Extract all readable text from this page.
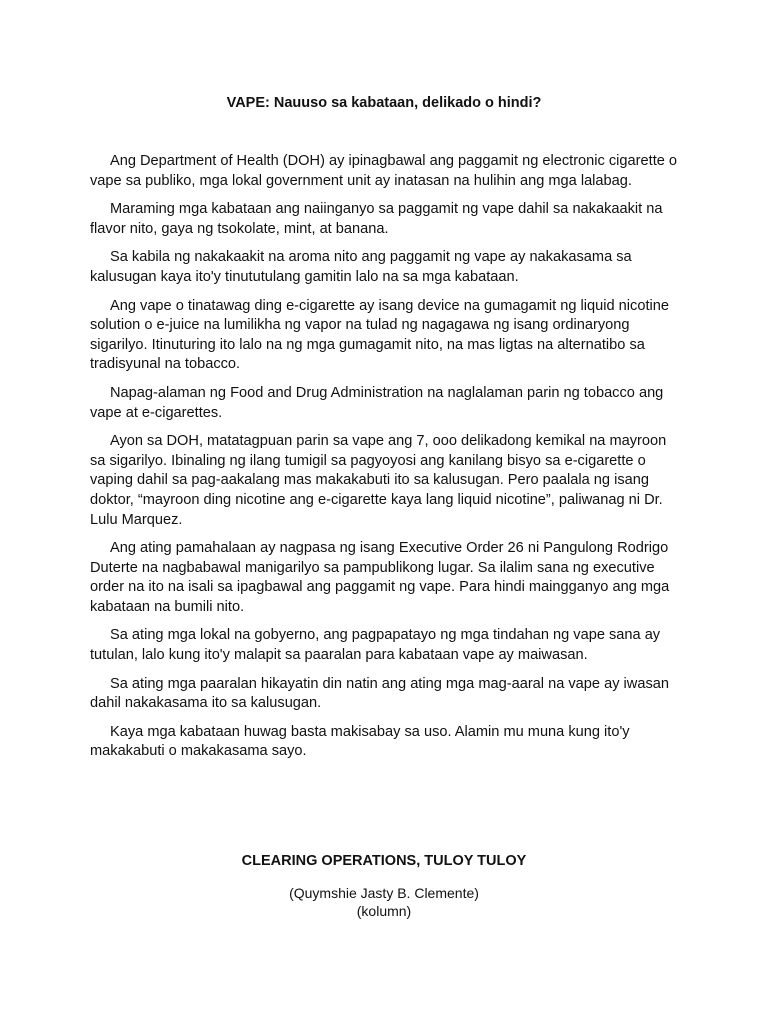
VAPE: Nauuso sa kabataan, delikado o hindi?

Ang Department of Health (DOH) ay ipinagbawal ang paggamit ng electronic cigarette o vape sa publiko, mga lokal government unit ay inatasan na hulihin ang mga lalabag.

Maraming mga kabataan ang naiinganyo sa paggamit ng vape dahil sa nakakaakit na flavor nito, gaya ng tsokolate, mint, at banana.

Sa kabila ng nakakaakit na aroma nito ang paggamit ng vape ay nakakasama sa kalusugan kaya ito'y tinututulang gamitin lalo na sa mga kabataan.

Ang vape o tinatawag ding e-cigarette ay isang device na gumagamit ng liquid nicotine solution o e-juice na lumilikha ng vapor na tulad ng nagagawa ng isang ordinaryong sigarilyo. Itinuturing ito lalo na ng mga gumagamit nito, na mas ligtas na alternatibo sa tradisyunal na tobacco.

Napag-alaman ng Food and Drug Administration na naglalaman parin ng tobacco ang vape at e-cigarettes.

Ayon sa DOH, matatagpuan parin sa vape ang 7, ooo delikadong kemikal na mayroon sa sigarilyo. Ibinaling ng ilang tumigil sa pagyoyosi ang kanilang bisyo sa e-cigarette o vaping dahil sa pag-aakalang mas makakabuti ito sa kalusugan. Pero paalala ng isang doktor, “mayroon ding nicotine ang e-cigarette kaya lang liquid nicotine”, paliwanag ni Dr. Lulu Marquez.

Ang ating pamahalaan ay nagpasa ng isang Executive Order 26 ni Pangulong Rodrigo Duterte na nagbabawal manigarilyo sa pampublikong lugar. Sa ilalim sana ng executive order na ito na isali sa ipagbawal ang paggamit ng vape. Para hindi maingganyo ang mga kabataan na bumili nito.

Sa ating mga lokal na gobyerno, ang pagpapatayo ng mga tindahan ng vape sana ay tutulan, lalo kung ito'y malapit sa paaralan para kabataan vape ay maiwasan.

Sa ating mga paaralan hikayatin din natin ang ating mga mag-aaral na vape ay iwasan dahil nakakasama ito sa kalusugan.

Kaya mga kabataan huwag basta makisabay sa uso. Alamin mu muna kung ito'y makakabuti o makakasama sayo.

CLEARING OPERATIONS, TULOY TULOY
(Quymshie Jasty B. Clemente)
(kolumn)
